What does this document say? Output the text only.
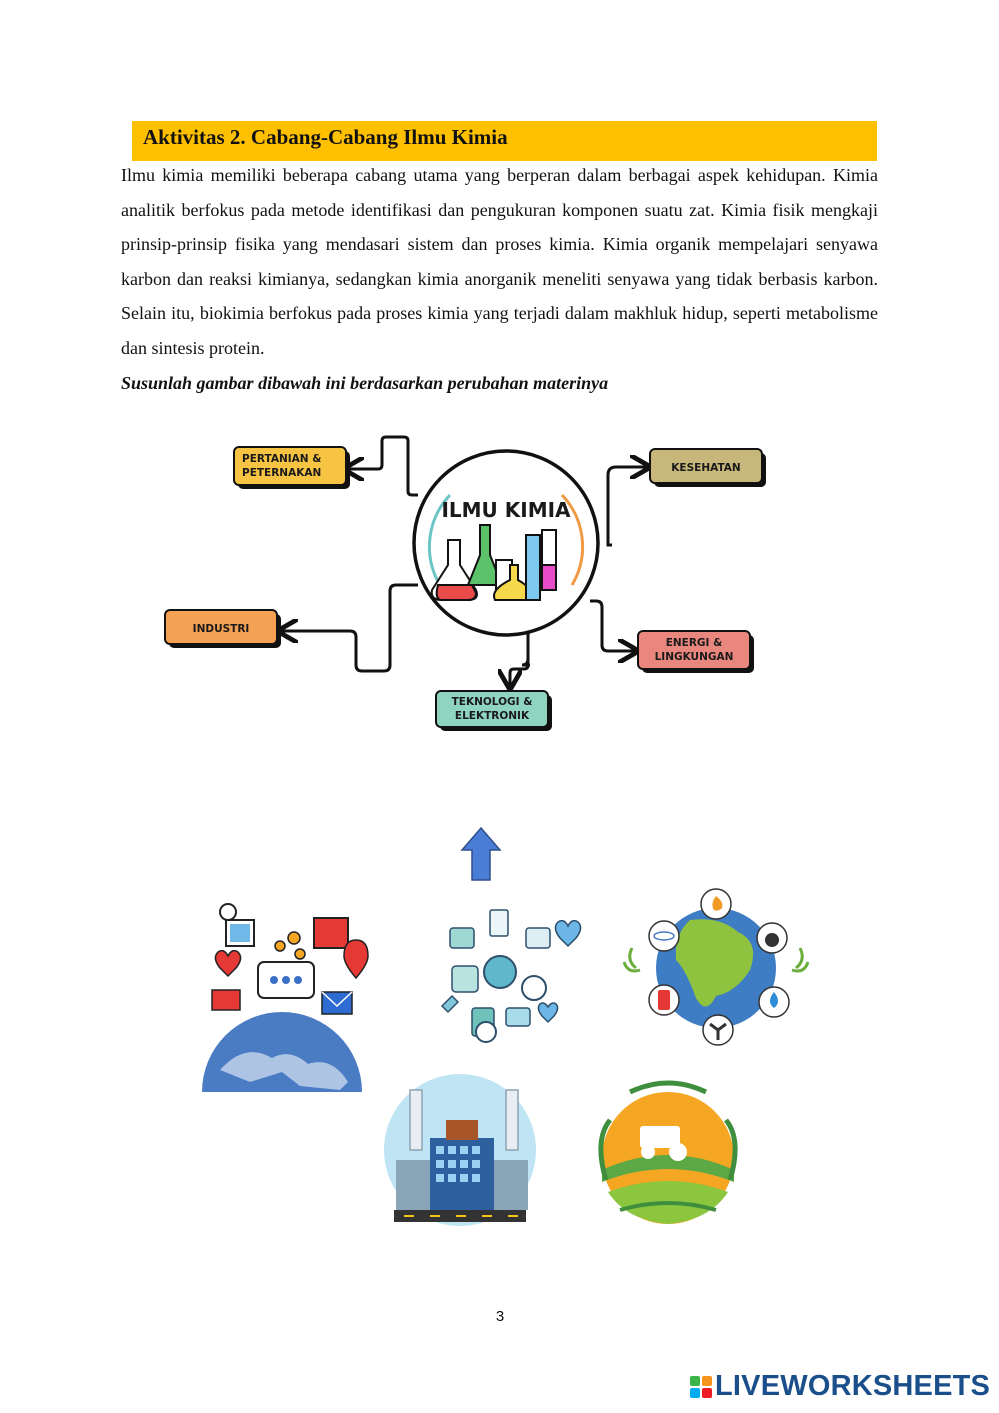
Aktivitas 2. Cabang-Cabang Ilmu Kimia
Ilmu kimia memiliki beberapa cabang utama yang berperan dalam berbagai aspek kehidupan. Kimia analitik berfokus pada metode identifikasi dan pengukuran komponen suatu zat. Kimia fisik mengkaji prinsip-prinsip fisika yang mendasari sistem dan proses kimia. Kimia organik mempelajari senyawa karbon dan reaksi kimianya, sedangkan kimia anorganik meneliti senyawa yang tidak berbasis karbon. Selain itu, biokimia berfokus pada proses kimia yang terjadi dalam makhluk hidup, seperti metabolisme dan sintesis protein.
Susunlah gambar dibawah ini berdasarkan perubahan materinya
ILMU KIMIA
PERTANIAN &
PETERNAKAN	KESEHATAN
INDUSTRI
ENERGI &
LINGKUNGAN
TEKNOLOGI &
ELEKTRONIK
3
LIVEWORKSHEETS
